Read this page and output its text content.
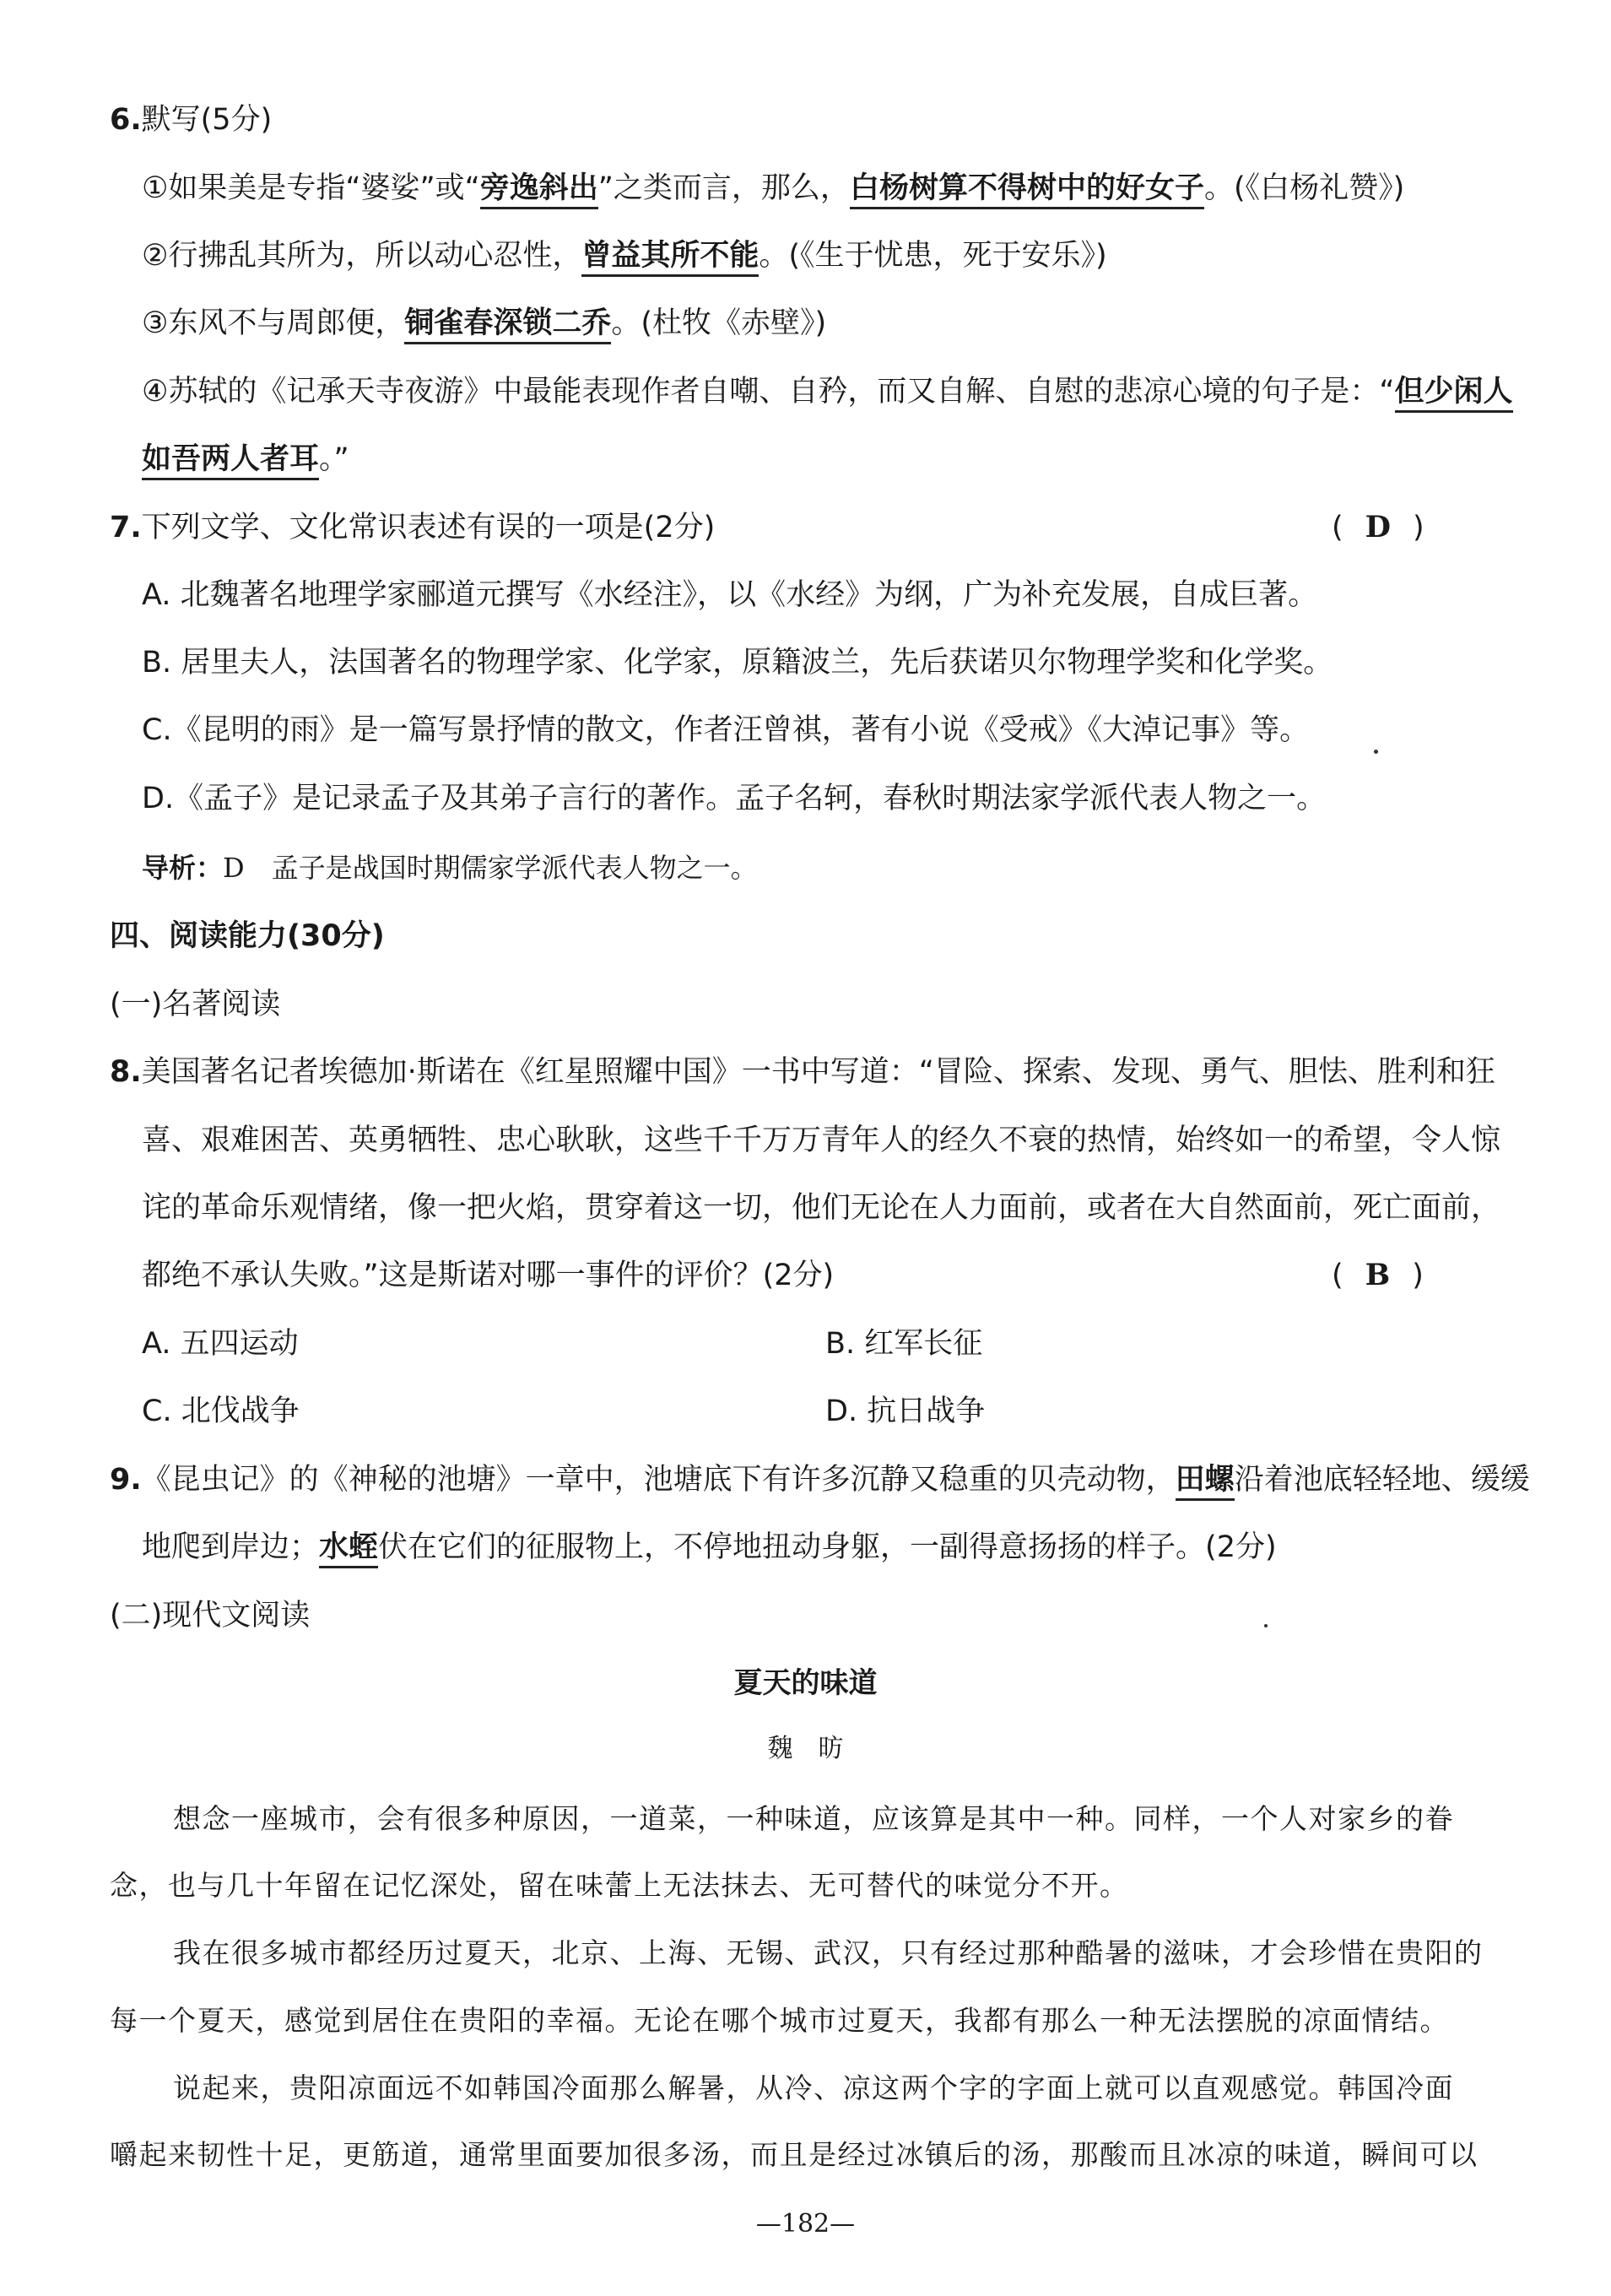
6.默写(5分)
①如果美是专指“婆娑”或“旁逸斜出”之类而言，那么，白杨树算不得树中的好女子。(《白杨礼赞》)
②行拂乱其所为，所以动心忍性，曾益其所不能。(《生于忧患，死于安乐》)
③东风不与周郎便，铜雀春深锁二乔。(杜牧《赤壁》)
④苏轼的《记承天寺夜游》中最能表现作者自嘲、自矜，而又自解、自慰的悲凉心境的句子是：“但少闲人
如吾两人者耳。”
7.下列文学、文化常识表述有误的一项是(2分)	( D )
A. 北魏著名地理学家郦道元撰写《水经注》，以《水经》为纲，广为补充发展，自成巨著。
B. 居里夫人，法国著名的物理学家、化学家，原籍波兰，先后获诺贝尔物理学奖和化学奖。
C.《昆明的雨》是一篇写景抒情的散文，作者汪曾祺，著有小说《受戒》《大淖记事》等。
D.《孟子》是记录孟子及其弟子言行的著作。孟子名轲，春秋时期法家学派代表人物之一。
导析：D　孟子是战国时期儒家学派代表人物之一。
四、阅读能力(30分)
(一)名著阅读
8.美国著名记者埃德加·斯诺在《红星照耀中国》一书中写道：“冒险、探索、发现、勇气、胆怯、胜利和狂
喜、艰难困苦、英勇牺牲、忠心耿耿，这些千千万万青年人的经久不衰的热情，始终如一的希望，令人惊
诧的革命乐观情绪，像一把火焰，贯穿着这一切，他们无论在人力面前，或者在大自然面前，死亡面前，
都绝不承认失败。”这是斯诺对哪一事件的评价？(2分)	( B )
A. 五四运动	B. 红军长征
C. 北伐战争	D. 抗日战争
9.《昆虫记》的《神秘的池塘》一章中，池塘底下有许多沉静又稳重的贝壳动物，田螺沿着池底轻轻地、缓缓
地爬到岸边；水蛭伏在它们的征服物上，不停地扭动身躯，一副得意扬扬的样子。(2分)
(二)现代文阅读
夏天的味道
魏　昉
想念一座城市，会有很多种原因，一道菜，一种味道，应该算是其中一种。同样，一个人对家乡的眷
念，也与几十年留在记忆深处，留在味蕾上无法抹去、无可替代的味觉分不开。
我在很多城市都经历过夏天，北京、上海、无锡、武汉，只有经过那种酷暑的滋味，才会珍惜在贵阳的
每一个夏天，感觉到居住在贵阳的幸福。无论在哪个城市过夏天，我都有那么一种无法摆脱的凉面情结。
说起来，贵阳凉面远不如韩国冷面那么解暑，从冷、凉这两个字的字面上就可以直观感觉。韩国冷面
嚼起来韧性十足，更筋道，通常里面要加很多汤，而且是经过冰镇后的汤，那酸而且冰凉的味道，瞬间可以
—182—
